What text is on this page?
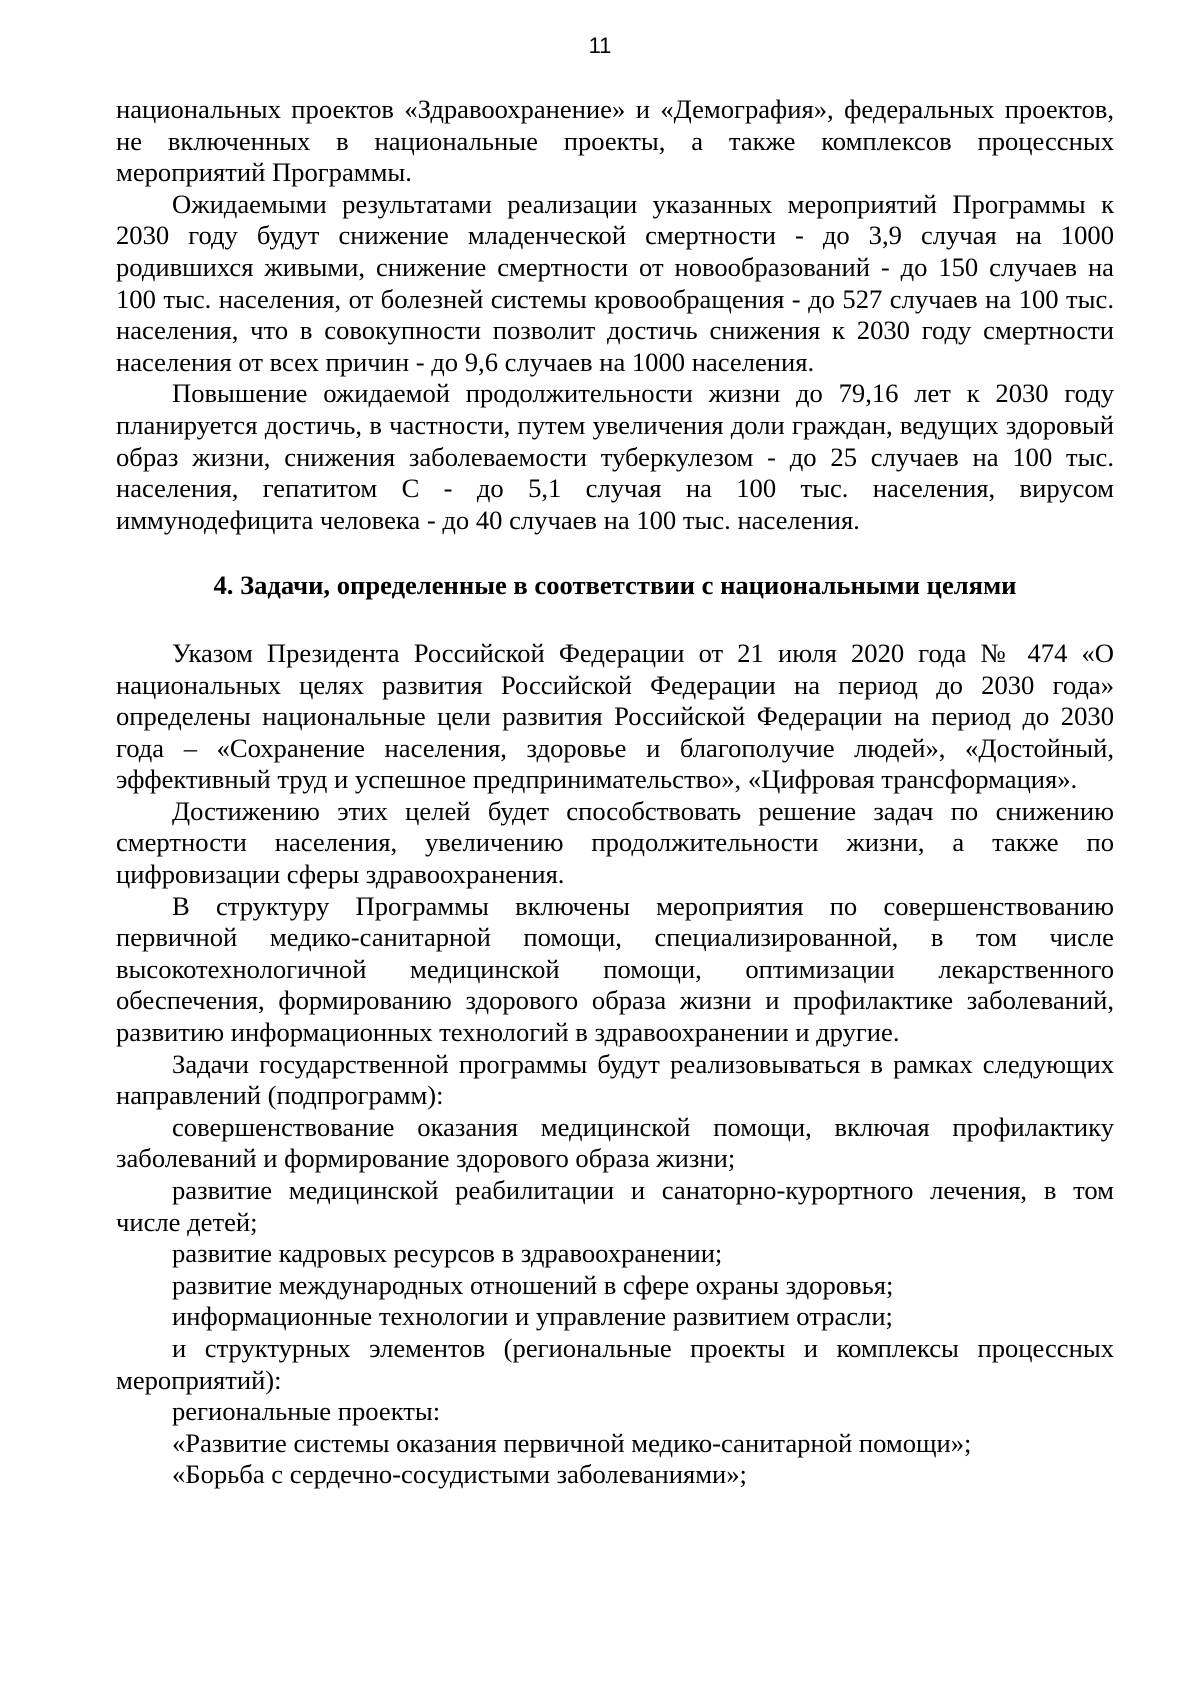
11

национальных проектов «Здравоохранение» и «Демография», федеральных проектов, не включенных в национальные проекты, а также комплексов процессных мероприятий Программы.

Ожидаемыми результатами реализации указанных мероприятий Программы к 2030 году будут снижение младенческой смертности - до 3,9 случая на 1000 родившихся живыми, снижение смертности от новообразований - до 150 случаев на 100 тыс. населения, от болезней системы кровообращения - до 527 случаев на 100 тыс. населения, что в совокупности позволит достичь снижения к 2030 году смертности населения от всех причин - до 9,6 случаев на 1000 населения.

Повышение ожидаемой продолжительности жизни до 79,16 лет к 2030 году планируется достичь, в частности, путем увеличения доли граждан, ведущих здоровый образ жизни, снижения заболеваемости туберкулезом - до 25 случаев на 100 тыс. населения, гепатитом С - до 5,1 случая на 100 тыс. населения, вирусом иммунодефицита человека - до 40 случаев на 100 тыс. населения.

4. Задачи, определенные в соответствии с национальными целями

Указом Президента Российской Федерации от 21 июля 2020 года № 474 «О национальных целях развития Российской Федерации на период до 2030 года» определены национальные цели развития Российской Федерации на период до 2030 года – «Сохранение населения, здоровье и благополучие людей», «Достойный, эффективный труд и успешное предпринимательство», «Цифровая трансформация».

Достижению этих целей будет способствовать решение задач по снижению смертности населения, увеличению продолжительности жизни, а также по цифровизации сферы здравоохранения.

В структуру Программы включены мероприятия по совершенствованию первичной медико-санитарной помощи, специализированной, в том числе высокотехнологичной медицинской помощи, оптимизации лекарственного обеспечения, формированию здорового образа жизни и профилактике заболеваний, развитию информационных технологий в здравоохранении и другие.

Задачи государственной программы будут реализовываться в рамках следующих направлений (подпрограмм):

совершенствование оказания медицинской помощи, включая профилактику заболеваний и формирование здорового образа жизни;

развитие медицинской реабилитации и санаторно-курортного лечения, в том числе детей;

развитие кадровых ресурсов в здравоохранении;

развитие международных отношений в сфере охраны здоровья;

информационные технологии и управление развитием отрасли;

и структурных элементов (региональные проекты и комплексы процессных мероприятий):

региональные проекты:

«Развитие системы оказания первичной медико-санитарной помощи»;

«Борьба с сердечно-сосудистыми заболеваниями»;
